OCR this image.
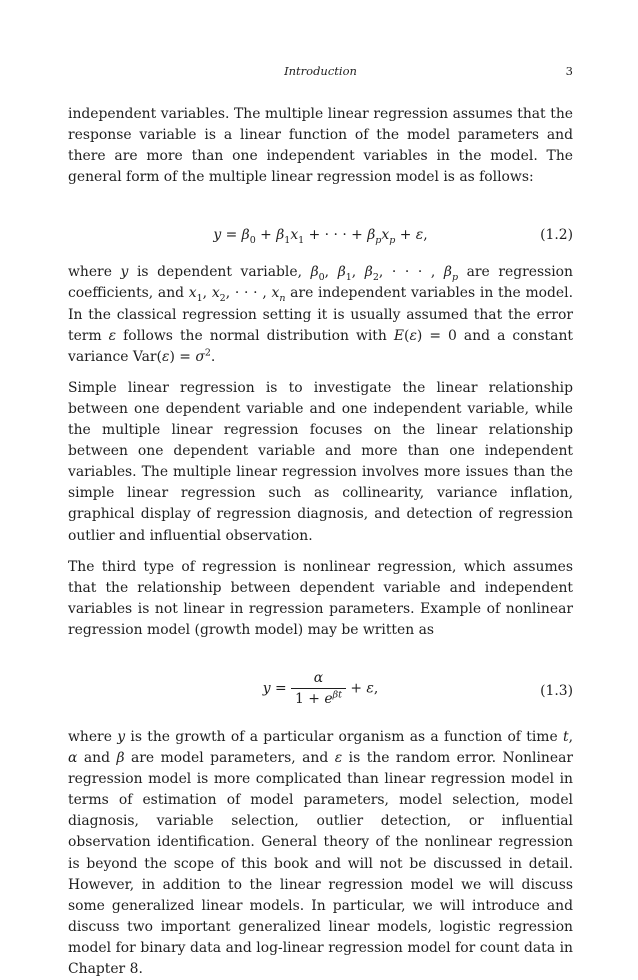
Introduction	3

independent variables. The multiple linear regression assumes that the response variable is a linear function of the model parameters and there are more than one independent variables in the model. The general form of the multiple linear regression model is as follows:

$y = \beta_0 + \beta_1x_1$ + · · · + $\beta_px_p + \varepsilon$,	(1.2)

where y is dependent variable, $\beta_0$, $\beta_1$, $\beta_2$, · · · , $\beta_p$ are regression coefficients, and $x_1$, $x_2$, · · · , $x_n$ are independent variables in the model. In the classical regression setting it is usually assumed that the error term ε follows the normal distribution with E(ε) = 0 and a constant variance $Var(\varepsilon) = \sigma^2$.

Simple linear regression is to investigate the linear relationship between one dependent variable and one independent variable, while the multiple linear regression focuses on the linear relationship between one dependent variable and more than one independent variables. The multiple linear regression involves more issues than the simple linear regression such as collinearity, variance inflation, graphical display of regression diagnosis, and detection of regression outlier and influential observation.

The third type of regression is nonlinear regression, which assumes that the relationship between dependent variable and independent variables is not linear in regression parameters. Example of nonlinear regression model (growth model) may be written as

$y = \frac{\alpha}{1 + e^{\beta t}} + \varepsilon$,	(1.3)

where y is the growth of a particular organism as a function of time t, α and β are model parameters, and ε is the random error. Nonlinear regression model is more complicated than linear regression model in terms of estimation of model parameters, model selection, model diagnosis, variable selection, outlier detection, or influential observation identification. General theory of the nonlinear regression is beyond the scope of this book and will not be discussed in detail. However, in addition to the linear regression model we will discuss some generalized linear models. In particular, we will introduce and discuss two important generalized linear models, logistic regression model for binary data and log-linear regression model for count data in Chapter 8.
